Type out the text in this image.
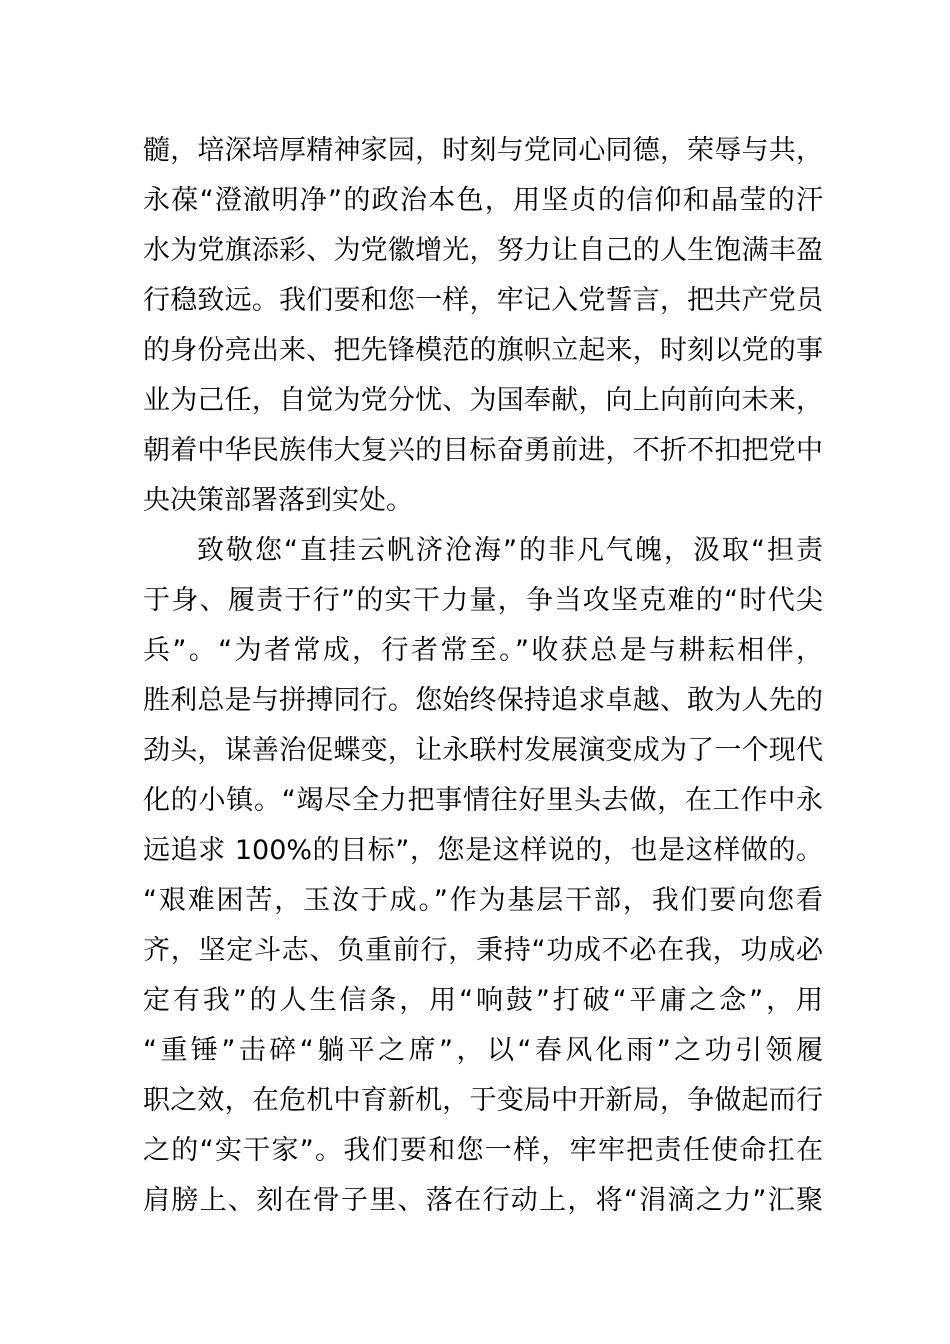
髓，培深培厚精神家园，时刻与党同心同德，荣辱与共，
永葆“澄澈明净”的政治本色，用坚贞的信仰和晶莹的汗
水为党旗添彩、为党徽增光，努力让自己的人生饱满丰盈
行稳致远。我们要和您一样，牢记入党誓言，把共产党员
的身份亮出来、把先锋模范的旗帜立起来，时刻以党的事
业为己任，自觉为党分忧、为国奉献，向上向前向未来，
朝着中华民族伟大复兴的目标奋勇前进，不折不扣把党中
央决策部署落到实处。
致敬您“直挂云帆济沧海”的非凡气魄，汲取“担责
于身、履责于行”的实干力量，争当攻坚克难的“时代尖
兵”。“为者常成，行者常至。”收获总是与耕耘相伴，
胜利总是与拼搏同行。您始终保持追求卓越、敢为人先的
劲头，谋善治促蝶变，让永联村发展演变成为了一个现代
化的小镇。“竭尽全力把事情往好里头去做，在工作中永
远追求 100%的目标”，您是这样说的，也是这样做的。
“艰难困苦，玉汝于成。”作为基层干部，我们要向您看
齐，坚定斗志、负重前行，秉持“功成不必在我，功成必
定有我”的人生信条，用“响鼓”打破“平庸之念”，用
“重锤”击碎“躺平之席”，以“春风化雨”之功引领履
职之效，在危机中育新机，于变局中开新局，争做起而行
之的“实干家”。我们要和您一样，牢牢把责任使命扛在
肩膀上、刻在骨子里、落在行动上，将“涓滴之力”汇聚
